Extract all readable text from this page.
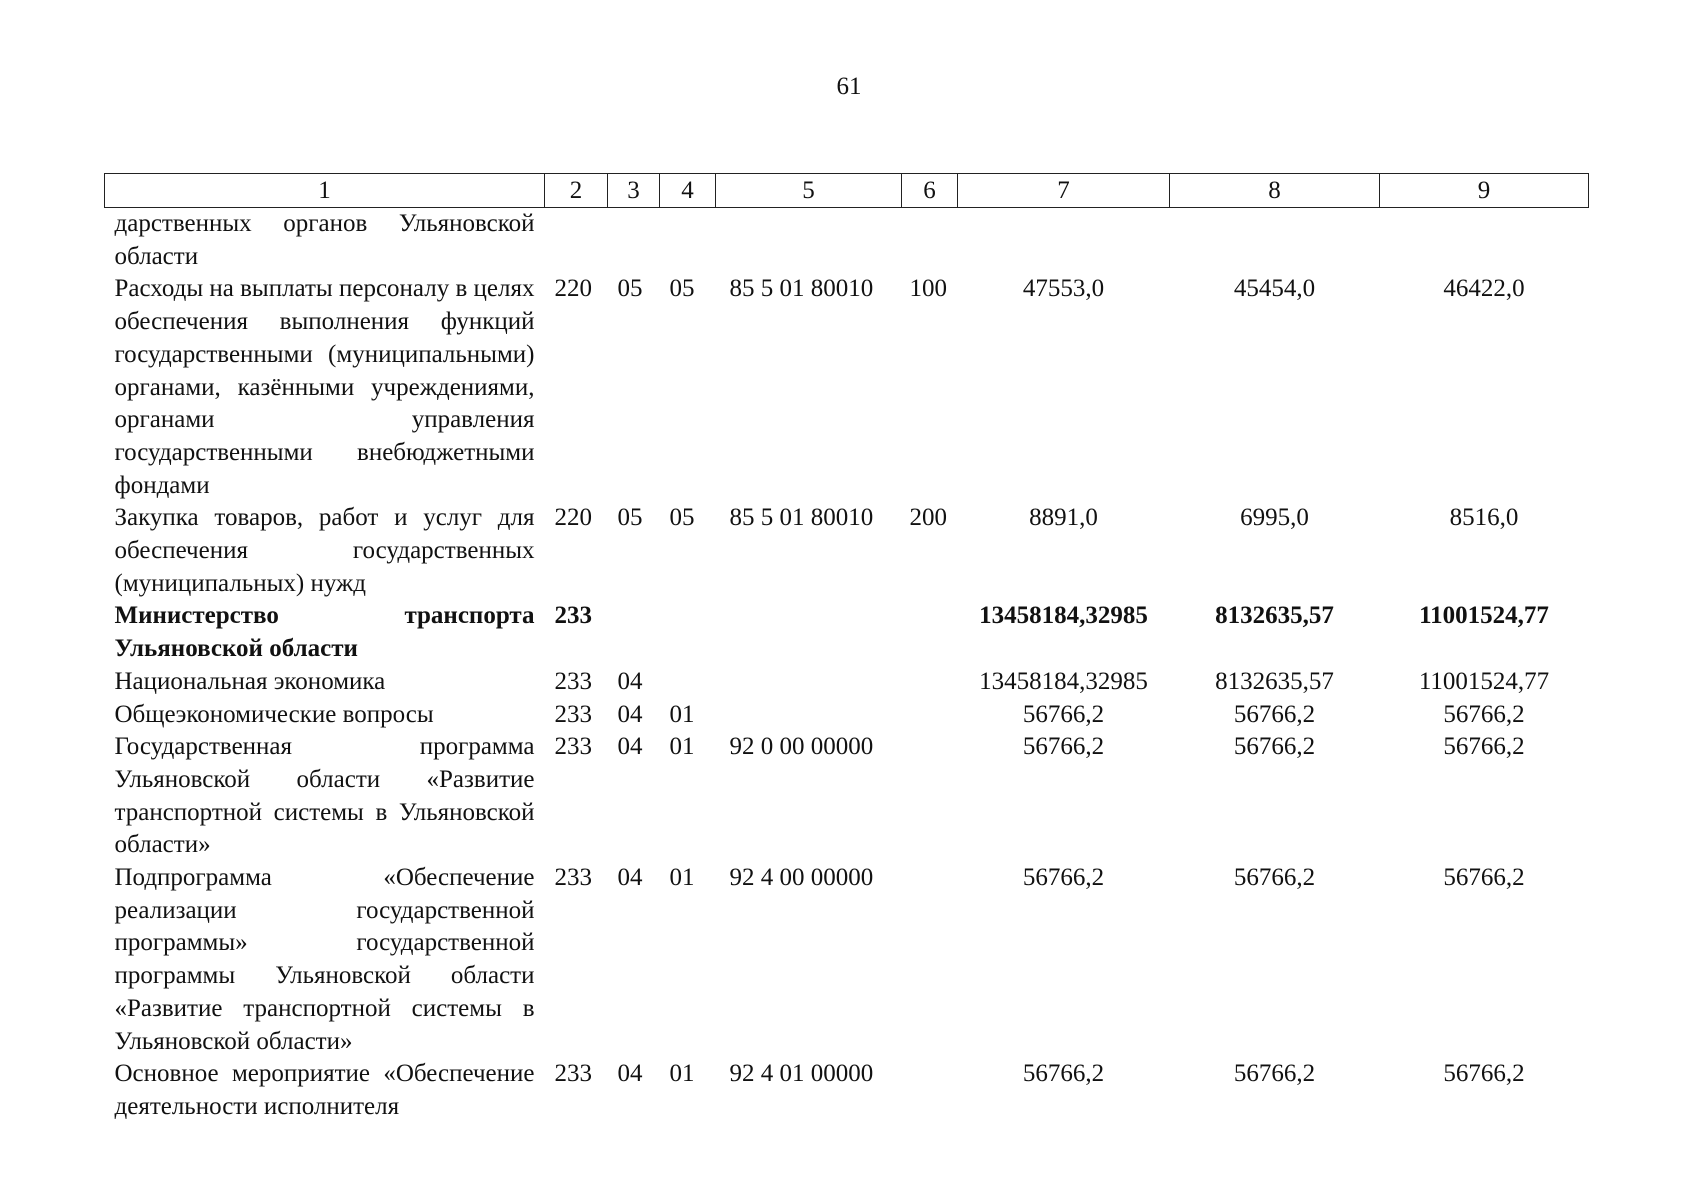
61
1	2	3	4	5	6	7	8	9
дарственных органов Ульяновской области								
Расходы на выплаты персоналу в целях обеспечения выполнения функций государственными (муниципальными) органами, казёнными учреждениями, органами управления государственными внебюджетными фондами	220	05	05	85 5 01 80010	100	47553,0	45454,0	46422,0
Закупка товаров, работ и услуг для обеспечения государственных (муниципальных) нужд	220	05	05	85 5 01 80010	200	8891,0	6995,0	8516,0
Министерство транспорта Ульяновской области	233					13458184,32985	8132635,57	11001524,77
Национальная экономика	233	04				13458184,32985	8132635,57	11001524,77
Общеэкономические вопросы	233	04	01			56766,2	56766,2	56766,2
Государственная программа Ульяновской области «Развитие транспортной системы в Ульяновской области»	233	04	01	92 0 00 00000		56766,2	56766,2	56766,2
Подпрограмма «Обеспечение реализации государственной программы» государственной программы Ульяновской области «Развитие транспортной системы в Ульяновской области»	233	04	01	92 4 00 00000		56766,2	56766,2	56766,2
Основное мероприятие «Обеспечение деятельности исполнителя	233	04	01	92 4 01 00000		56766,2	56766,2	56766,2
